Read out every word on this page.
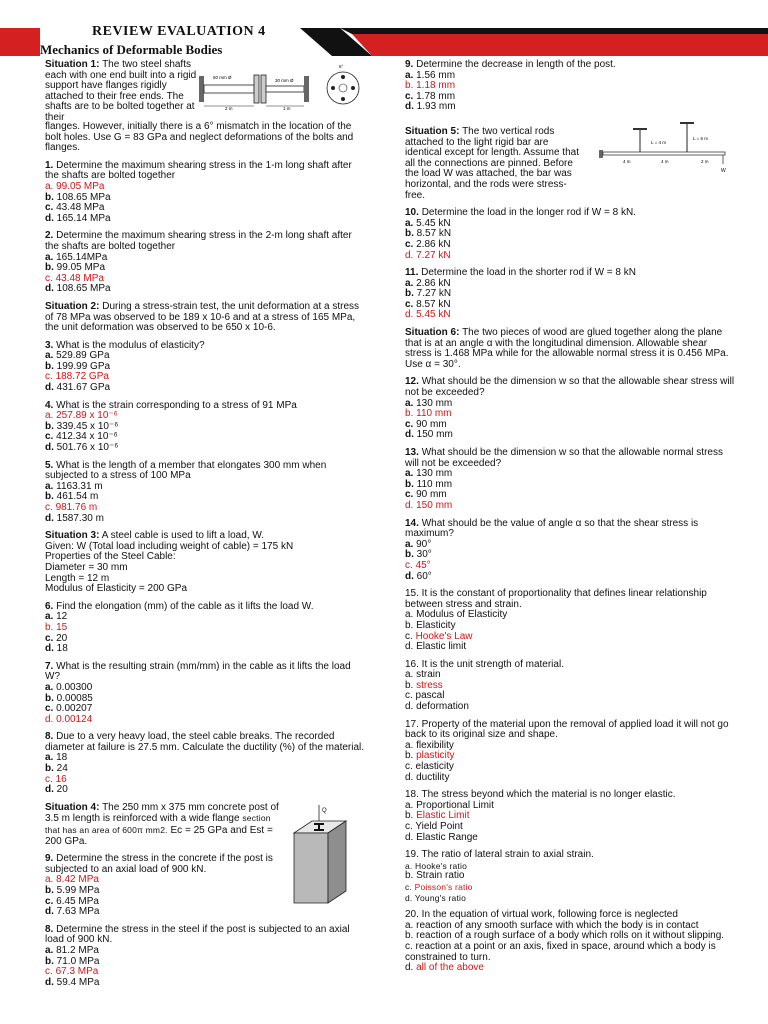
REVIEW EVALUATION 4
Mechanics of Deformable Bodies
50 mm Ø
30 mm Ø
2 m	1 m
6°
L = 4 m
L = 6 m
4 m	4 m	2 m
W
Q
Situation 1: The two steel shafts each with one end built into a rigid support have flanges rigidly attached to their free ends. The shafts are to be bolted together at their
flanges. However, initially there is a 6° mismatch in the location of the bolt holes. Use G = 83 GPa and neglect deformations of the bolts and flanges.
1. Determine the maximum shearing stress in the 1-m long shaft after the shafts are bolted together
a. 99.05 MPa
b. 108.65 MPa
c. 43.48 MPa
d. 165.14 MPa
2. Determine the maximum shearing stress in the 2-m long shaft after the shafts are bolted together
a. 165.14MPa
b. 99.05 MPa
c. 43.48 MPa
d. 108.65 MPa
Situation 2: During a stress-strain test, the unit deformation at a stress of 78 MPa was observed to be 189 x 10-6 and at a stress of 165 MPa, the unit deformation was observed to be 650 x 10-6.
3. What is the modulus of elasticity?
a. 529.89 GPa
b. 199.99 GPa
c. 188.72 GPa
d. 431.67 GPa
4. What is the strain corresponding to a stress of 91 MPa
a. 257.89 x 10⁻⁶
b. 339.45 x 10⁻⁶
c. 412.34 x 10⁻⁶
d. 501.76 x 10⁻⁶
5. What is the length of a member that elongates 300 mm when subjected to a stress of 100 MPa
a. 1163.31 m
b. 461.54 m
c. 981.76 m
d. 1587.30 m
Situation 3: A steel cable is used to lift a load, W.
Given: W (Total load including weight of cable) = 175 kN
Properties of the Steel Cable:
Diameter = 30 mm
Length = 12 m
Modulus of Elasticity = 200 GPa
6. Find the elongation (mm) of the cable as it lifts the load W.
a. 12
b. 15
c. 20
d. 18
7. What is the resulting strain (mm/mm) in the cable as it lifts the load W?
a. 0.00300
b. 0.00085
c. 0.00207
d. 0.00124
8. Due to a very heavy load, the steel cable breaks. The recorded diameter at failure is 27.5 mm. Calculate the ductility (%) of the material.
a. 18
b. 24
c. 16
d. 20
Situation 4: The 250 mm x 375 mm concrete post of 3.5 m length is reinforced with a wide flange section that has an area of 600π mm2. Ec = 25 GPa and Est = 200 GPa.
9. Determine the stress in the concrete if the post is subjected to an axial load of 900 kN.
a. 8.42 MPa
b. 5.99 MPa
c. 6.45 MPa
d. 7.63 MPa
8. Determine the stress in the steel if the post is subjected to an axial load of 900 kN.
a. 81.2 MPa
b. 71.0 MPa
c. 67.3 MPa
d. 59.4 MPa
9. Determine the decrease in length of the post.
a. 1.56 mm
b. 1.18 mm
c. 1.78 mm
d. 1.93 mm
Situation 5: The two vertical rods attached to the light rigid bar are identical except for length. Assume that all the connections are pinned. Before the load W was attached, the bar was horizontal, and the rods were stress-free.
10. Determine the load in the longer rod if W = 8 kN.
a. 5.45 kN
b. 8.57 kN
c. 2.86 kN
d. 7.27 kN
11. Determine the load in the shorter rod if W = 8 kN
a. 2.86 kN
b. 7.27 kN
c. 8.57 kN
d. 5.45 kN
Situation 6: The two pieces of wood are glued together along the plane that is at an angle α with the longitudinal dimension. Allowable shear stress is 1.468 MPa while for the allowable normal stress it is 0.456 MPa. Use α = 30°.
12. What should be the dimension w so that the allowable shear stress will not be exceeded?
a. 130 mm
b. 110 mm
c. 90 mm
d. 150 mm
13. What should be the dimension w so that the allowable normal stress will not be exceeded?
a. 130 mm
b. 110 mm
c. 90 mm
d. 150 mm
14. What should be the value of angle α so that the shear stress is maximum?
a. 90°
b. 30°
c. 45°
d. 60°
15. It is the constant of proportionality that defines linear relationship between stress and strain.
a. Modulus of Elasticity
b. Elasticity
c. Hooke's Law
d. Elastic limit
16. It is the unit strength of material.
a. strain
b. stress
c. pascal
d. deformation
17. Property of the material upon the removal of applied load it will not go back to its original size and shape.
a. flexibility
b. plasticity
c. elasticity
d. ductility
18. The stress beyond which the material is no longer elastic.
a. Proportional Limit
b. Elastic Limit
c. Yield Point
d. Elastic Range
19. The ratio of lateral strain to axial strain.
a. Hooke's ratio
b. Strain ratio
c. Poisson's ratio
d. Young's ratio
20. In the equation of virtual work, following force is neglected
a. reaction of any smooth surface with which the body is in contact
b. reaction of a rough surface of a body which rolls on it without slipping.
c. reaction at a point or an axis, fixed in space, around which a body is constrained to turn.
d. all of the above
